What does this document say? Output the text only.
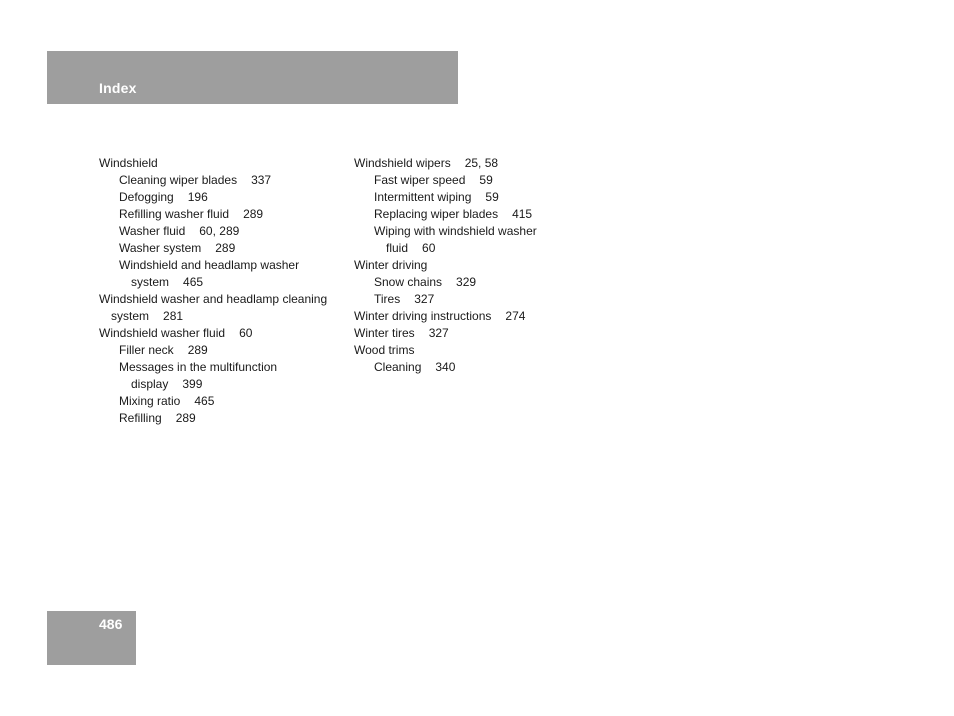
Index
Windshield
Cleaning wiper blades 337
Defogging 196
Refilling washer fluid 289
Washer fluid 60, 289
Washer system 289
Windshield and headlamp washer
system 465
Windshield washer and headlamp cleaning
system 281
Windshield washer fluid 60
Filler neck 289
Messages in the multifunction
display 399
Mixing ratio 465
Refilling 289
Windshield wipers 25, 58
Fast wiper speed 59
Intermittent wiping 59
Replacing wiper blades 415
Wiping with windshield washer
fluid 60
Winter driving
Snow chains 329
Tires 327
Winter driving instructions 274
Winter tires 327
Wood trims
Cleaning 340
486
